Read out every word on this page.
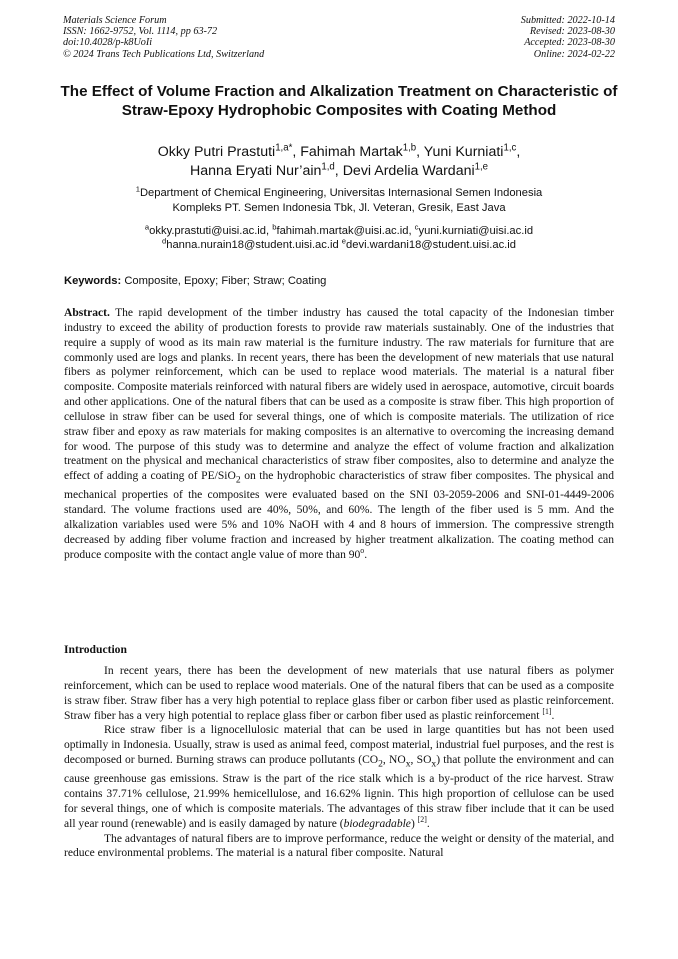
Materials Science Forum
ISSN: 1662-9752, Vol. 1114, pp 63-72
doi:10.4028/p-k8UoIi
© 2024 Trans Tech Publications Ltd, Switzerland
Submitted: 2022-10-14
Revised: 2023-08-30
Accepted: 2023-08-30
Online: 2024-02-22
The Effect of Volume Fraction and Alkalization Treatment on Characteristic of Straw-Epoxy Hydrophobic Composites with Coating Method
Okky Putri Prastuti$^{1,a*}$, Fahimah Martak$^{1,b}$, Yuni Kurniati$^{1,c}$,
Hanna Eryati Nur’ain$^{1,d}$, Devi Ardelia Wardani$^{1,e}$
$^1$Department of Chemical Engineering, Universitas Internasional Semen Indonesia
Kompleks PT. Semen Indonesia Tbk, Jl. Veteran, Gresik, East Java
$^a$okky.prastuti@uisi.ac.id, $^b$fahimah.martak@uisi.ac.id, $^c$yuni.kurniati@uisi.ac.id
$^d$hanna.nurain18@student.uisi.ac.id $^e$devi.wardani18@student.uisi.ac.id
Keywords: Composite, Epoxy; Fiber; Straw; Coating
Abstract. The rapid development of the timber industry has caused the total capacity of the Indonesian timber industry to exceed the ability of production forests to provide raw materials sustainably. One of the industries that require a supply of wood as its main raw material is the furniture industry. The raw materials for furniture that are commonly used are logs and planks. In recent years, there has been the development of new materials that use natural fibers as polymer reinforcement, which can be used to replace wood materials. The material is a natural fiber composite. Composite materials reinforced with natural fibers are widely used in aerospace, automotive, circuit boards and other applications. One of the natural fibers that can be used as a composite is straw fiber. This high proportion of cellulose in straw fiber can be used for several things, one of which is composite materials. The utilization of rice straw fiber and epoxy as raw materials for making composites is an alternative to overcoming the increasing demand for wood. The purpose of this study was to determine and analyze the effect of volume fraction and alkalization treatment on the physical and mechanical characteristics of straw fiber composites, also to determine and analyze the effect of adding a coating of PE/SiO$_2$ on the hydrophobic characteristics of straw fiber composites. The physical and mechanical properties of the composites were evaluated based on the SNI 03-2059-2006 and SNI-01-4449-2006 standard. The volume fractions used are 40%, 50%, and 60%. The length of the fiber used is 5 mm. And the alkalization variables used were 5% and 10% NaOH with 4 and 8 hours of immersion. The compressive strength decreased by adding fiber volume fraction and increased by higher treatment alkalization. The coating method can produce composite with the contact angle value of more than 90$^o$.
Introduction

In recent years, there has been the development of new materials that use natural fibers as polymer reinforcement, which can be used to replace wood materials. One of the natural fibers that can be used as a composite is straw fiber. Straw fiber has a very high potential to replace glass fiber or carbon fiber used as plastic reinforcement. Straw fiber has a very high potential to replace glass fiber or carbon fiber used as plastic reinforcement [1].

Rice straw fiber is a lignocellulosic material that can be used in large quantities but has not been used optimally in Indonesia. Usually, straw is used as animal feed, compost material, industrial fuel purposes, and the rest is decomposed or burned. Burning straws can produce pollutants ($CO_2$, $NO_x$, $SO_x$) that pollute the environment and can cause greenhouse gas emissions. Straw is the part of the rice stalk which is a by-product of the rice harvest. Straw contains 37.71% cellulose, 21.99% hemicellulose, and 16.62% lignin. This high proportion of cellulose can be used for several things, one of which is composite materials. The advantages of this straw fiber include that it can be used all year round (renewable) and is easily damaged by nature (biodegradable) [2].

The advantages of natural fibers are to improve performance, reduce the weight or density of the material, and reduce environmental problems. The material is a natural fiber composite. Natural
